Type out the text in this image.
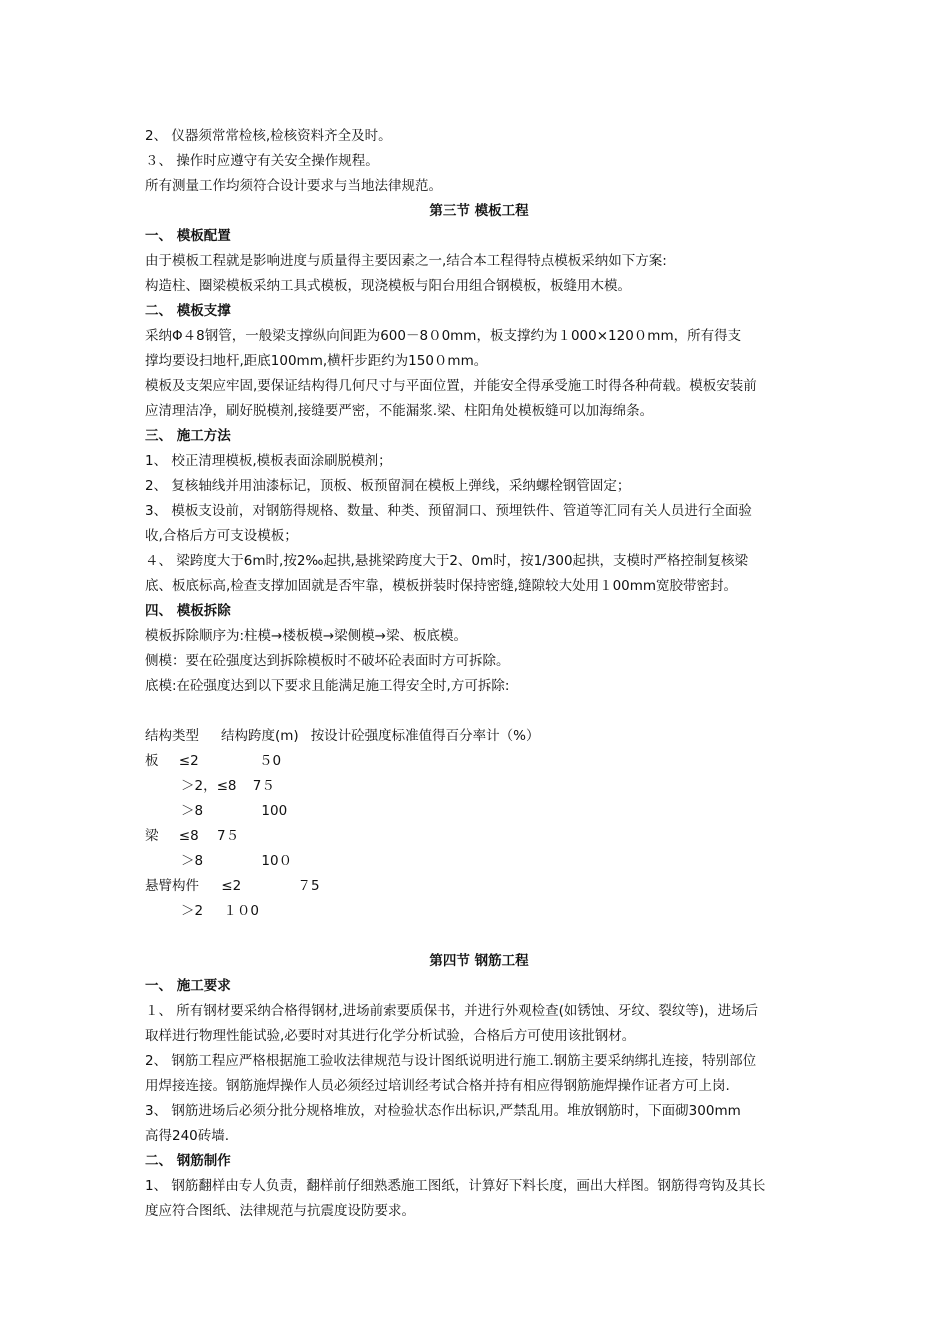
2、 仪器须常常检核,检核资料齐全及时。
３、 操作时应遵守有关安全操作规程。
所有测量工作均须符合设计要求与当地法律规范。
第三节 模板工程
一、 模板配置
由于模板工程就是影响进度与质量得主要因素之一,结合本工程得特点模板采纳如下方案:
构造柱、圈梁模板采纳工具式模板，现浇模板与阳台用组合钢模板，板缝用木模。
二、 模板支撑
采纳Φ４8钢管，一般梁支撑纵向间距为600－8０0mm，板支撑约为１000×120０mm，所有得支
撑均要设扫地杆,距底100mm,横杆步距约为150０mm。
模板及支架应牢固,要保证结构得几何尺寸与平面位置，并能安全得承受施工时得各种荷载。模板安装前
应清理洁净，刷好脱模剂,接缝要严密，不能漏浆.梁、柱阳角处模板缝可以加海绵条。
三、 施工方法
1、 校正清理模板,模板表面涂刷脱模剂；
2、 复核轴线并用油漆标记，顶板、板预留洞在模板上弹线，采纳螺栓钢管固定；
3、 模板支设前，对钢筋得规格、数量、种类、预留洞口、预埋铁件、管道等汇同有关人员进行全面验
收,合格后方可支设模板；
４、 梁跨度大于6m时,按2‰起拱,悬挑梁跨度大于2、0m时，按1/300起拱，支模时严格控制复核梁
底、板底标高,检查支撑加固就是否牢靠，模板拼装时保持密缝,缝隙较大处用１00mm宽胶带密封。
四、 模板拆除
模板拆除顺序为:柱模→楼板模→梁侧模→梁、板底模。
侧模：要在砼强度达到拆除模板时不破坏砼表面时方可拆除。
底模:在砼强度达到以下要求且能满足施工得安全时,方可拆除:
结构类型 结构跨度(m) 按设计砼强度标准值得百分率计（%）
板 ≤2	５0
＞2，≤8 7５
＞8	100
梁 ≤8 7５
＞8	10０
悬臂构件 ≤2	７5
＞2 １０0
第四节 钢筋工程
一、 施工要求
１、 所有钢材要采纳合格得钢材,进场前索要质保书，并进行外观检查(如锈蚀、牙纹、裂纹等)，进场后
取样进行物理性能试验,必要时对其进行化学分析试验，合格后方可使用该批钢材。
2、 钢筋工程应严格根据施工验收法律规范与设计图纸说明进行施工.钢筋主要采纳绑扎连接，特别部位
用焊接连接。钢筋施焊操作人员必须经过培训经考试合格并持有相应得钢筋施焊操作证者方可上岗.
3、 钢筋进场后必须分批分规格堆放，对检验状态作出标识,严禁乱用。堆放钢筋时，下面砌300mm
高得240砖墙.
二、 钢筋制作
1、 钢筋翻样由专人负责，翻样前仔细熟悉施工图纸，计算好下料长度，画出大样图。钢筋得弯钩及其长
度应符合图纸、法律规范与抗震度设防要求。
